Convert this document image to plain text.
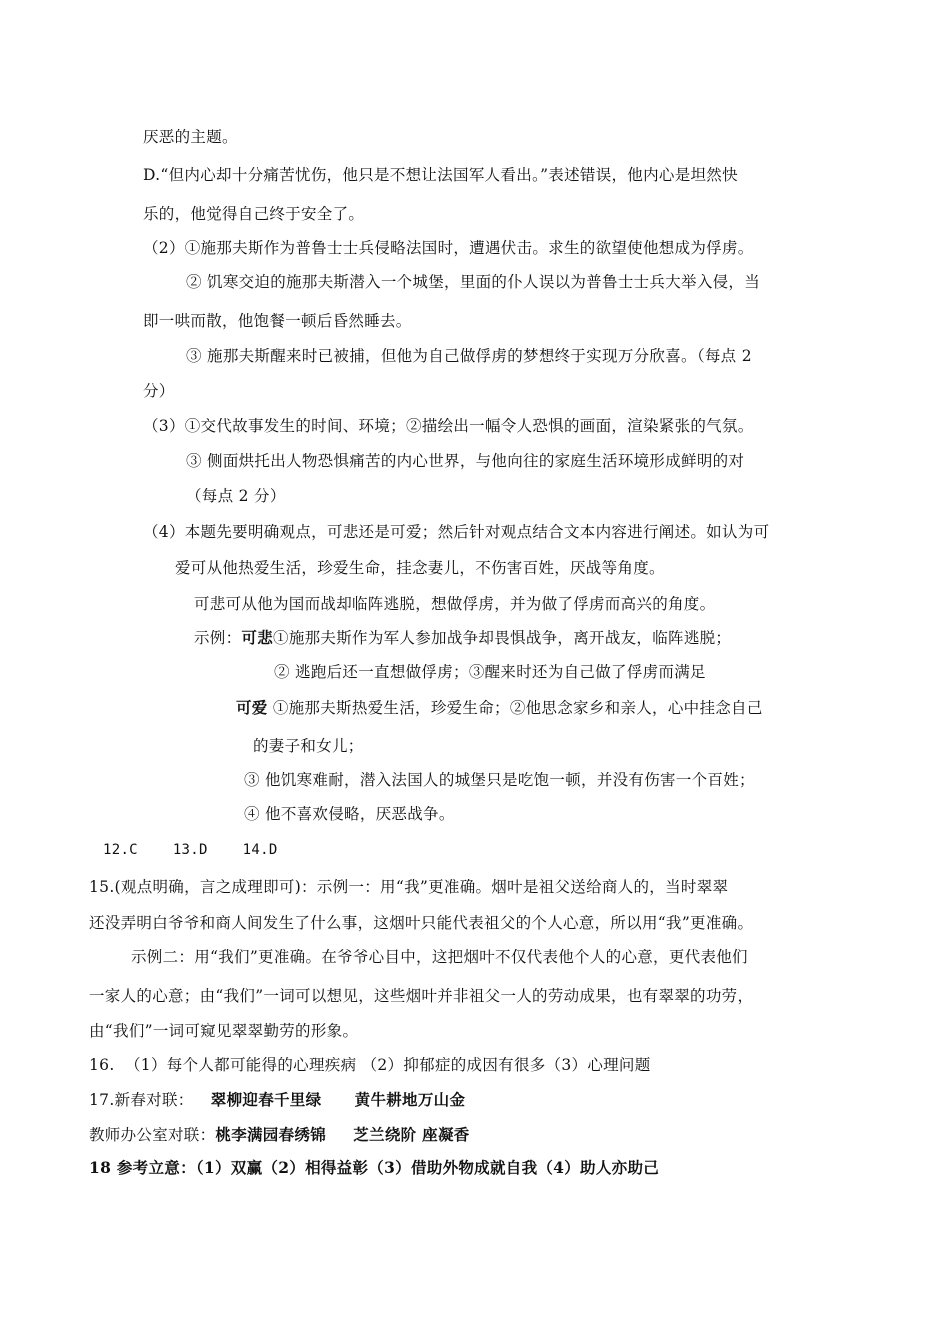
厌恶的主题。
D.“但内心却十分痛苦忧伤，他只是不想让法国军人看出。”表述错误，他内心是坦然快
乐的，他觉得自己终于安全了。
（2）①施那夫斯作为普鲁士士兵侵略法国时，遭遇伏击。求生的欲望使他想成为俘虏。
② 饥寒交迫的施那夫斯潜入一个城堡，里面的仆人误以为普鲁士士兵大举入侵，当
即一哄而散，他饱餐一顿后昏然睡去。
③ 施那夫斯醒来时已被捕，但他为自己做俘虏的梦想终于实现万分欣喜。（每点 2
分）
（3）①交代故事发生的时间、环境；②描绘出一幅令人恐惧的画面，渲染紧张的气氛。
③ 侧面烘托出人物恐惧痛苦的内心世界，与他向往的家庭生活环境形成鲜明的对
（每点 2 分）
（4）本题先要明确观点，可悲还是可爱；然后针对观点结合文本内容进行阐述。如认为可
爱可从他热爱生活，珍爱生命，挂念妻儿，不伤害百姓，厌战等角度。
可悲可从他为国而战却临阵逃脱，想做俘虏，并为做了俘虏而高兴的角度。
示例：可悲①施那夫斯作为军人参加战争却畏惧战争，离开战友，临阵逃脱；
② 逃跑后还一直想做俘虏；③醒来时还为自己做了俘虏而满足
可爱 ①施那夫斯热爱生活，珍爱生命；②他思念家乡和亲人，心中挂念自己
的妻子和女儿；
③ 他饥寒难耐，潜入法国人的城堡只是吃饱一顿，并没有伤害一个百姓；
④ 他不喜欢侵略，厌恶战争。
12.C    13.D    14.D
15.(观点明确，言之成理即可)：示例一：用“我”更准确。烟叶是祖父送给商人的，当时翠翠
还没弄明白爷爷和商人间发生了什么事，这烟叶只能代表祖父的个人心意，所以用“我”更准确。
示例二：用“我们”更准确。在爷爷心目中，这把烟叶不仅代表他个人的心意，更代表他们
一家人的心意；由“我们”一词可以想见，这些烟叶并非祖父一人的劳动成果，也有翠翠的功劳，
由“我们”一词可窥见翠翠勤劳的形象。
16.  （1）每个人都可能得的心理疾病 （2）抑郁症的成因有很多（3）心理问题
17.新春对联： 翠柳迎春千里绿 黄牛耕地万山金
教师办公室对联：桃李满园春绣锦 芝兰绕阶 座凝香
18 参考立意：（1）双赢（2）相得益彰（3）借助外物成就自我（4）助人亦助己
